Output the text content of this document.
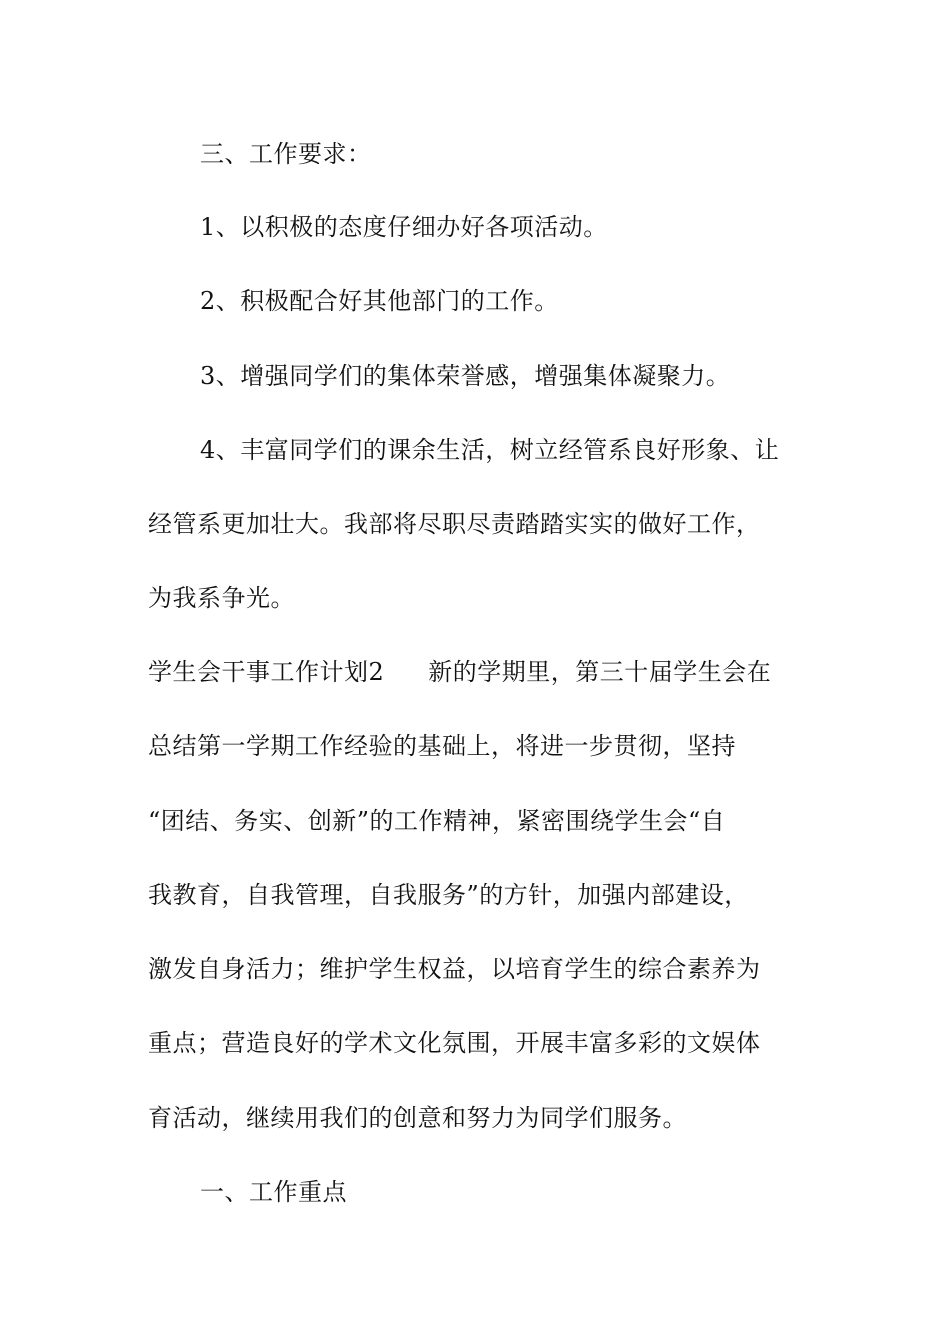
三、工作要求：
1、以积极的态度仔细办好各项活动。
2、积极配合好其他部门的工作。
3、增强同学们的集体荣誉感，增强集体凝聚力。
4、丰富同学们的课余生活，树立经管系良好形象、让
经管系更加壮大。我部将尽职尽责踏踏实实的做好工作，
为我系争光。
学生会干事工作计划2 新的学期里，第三十届学生会在
总结第一学期工作经验的基础上，将进一步贯彻，坚持
“团结、务实、创新”的工作精神，紧密围绕学生会“自
我教育，自我管理，自我服务”的方针，加强内部建设，
激发自身活力；维护学生权益，以培育学生的综合素养为
重点；营造良好的学术文化氛围，开展丰富多彩的文娱体
育活动，继续用我们的创意和努力为同学们服务。
一、工作重点
